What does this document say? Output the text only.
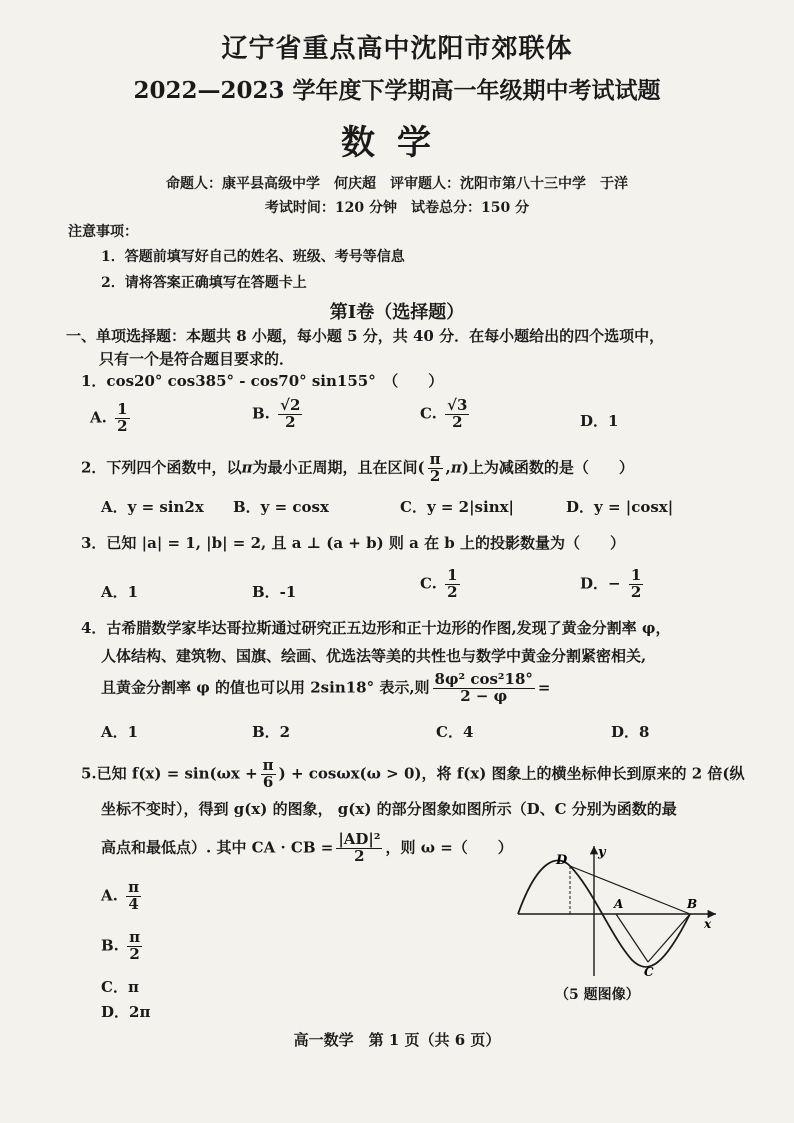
辽宁省重点高中沈阳市郊联体
2022—2023 学年度下学期高一年级期中考试试题
数学
命题人：康平县高级中学　何庆超　评审题人：沈阳市第八十三中学　于洋
考试时间：120 分钟　试卷总分：150 分
注意事项：
1．答题前填写好自己的姓名、班级、考号等信息
2．请将答案正确填写在答题卡上
第Ⅰ卷（选择题）
一、单项选择题：本题共 8 小题，每小题 5 分，共 40 分．在每小题给出的四个选项中，
只有一个是符合题目要求的．
1．cos20° cos385° - cos70° sin155°　（　　）
A. $\frac{1}{2}$	B. $\frac{√2}{2}$	C. $\frac{√3}{2}$	D．1
2．下列四个函数中，以π为最小正周期，且在区间( $\frac{\pi}{2} ,\pi$)上为减函数的是（　　）
A．y = sin2x B．y = cosx	C．y = 2|sinx|	D．y = |cosx|
3．已知 |a| = 1, |b| = 2, 且 a ⊥ (a + b) 则 a 在 b 上的投影数量为（　　）
A．1	B．-1	C. $\frac{1}{2}$	D．− $\frac{1}{2}$
4．古希腊数学家毕达哥拉斯通过研究正五边形和正十边形的作图,发现了黄金分割率 φ，
人体结构、建筑物、国旗、绘画、优选法等美的共性也与数学中黄金分割紧密相关,
且黄金分割率 φ 的值也可以用 2sin18° 表示,则 $\frac{\text{8φ² cos²18°}}{2 - \varphi}$ =
A．1	B．2	C．4	D．8
5.已知 $f(x) = \sin(\omega x + \frac{\pi}{6}$ ) + cosωx(ω > 0)，将 f(x) 图象上的横坐标伸长到原来的 2 倍(纵
坐标不变时），得到 g(x) 的图象， g(x) 的部分图象如图所示（D、C 分别为函数的最
高点和最低点）. 其中 CA · CB = $\frac{\text{|AD|²}}{2}$ ，则 ω =（　　）
A. $\frac{\pi}{4}$
B. $\frac{\pi}{2}$
C．π
D．2π
D
y
A	B
C
x
（5 题图像）
高一数学　第 1 页（共 6 页）
